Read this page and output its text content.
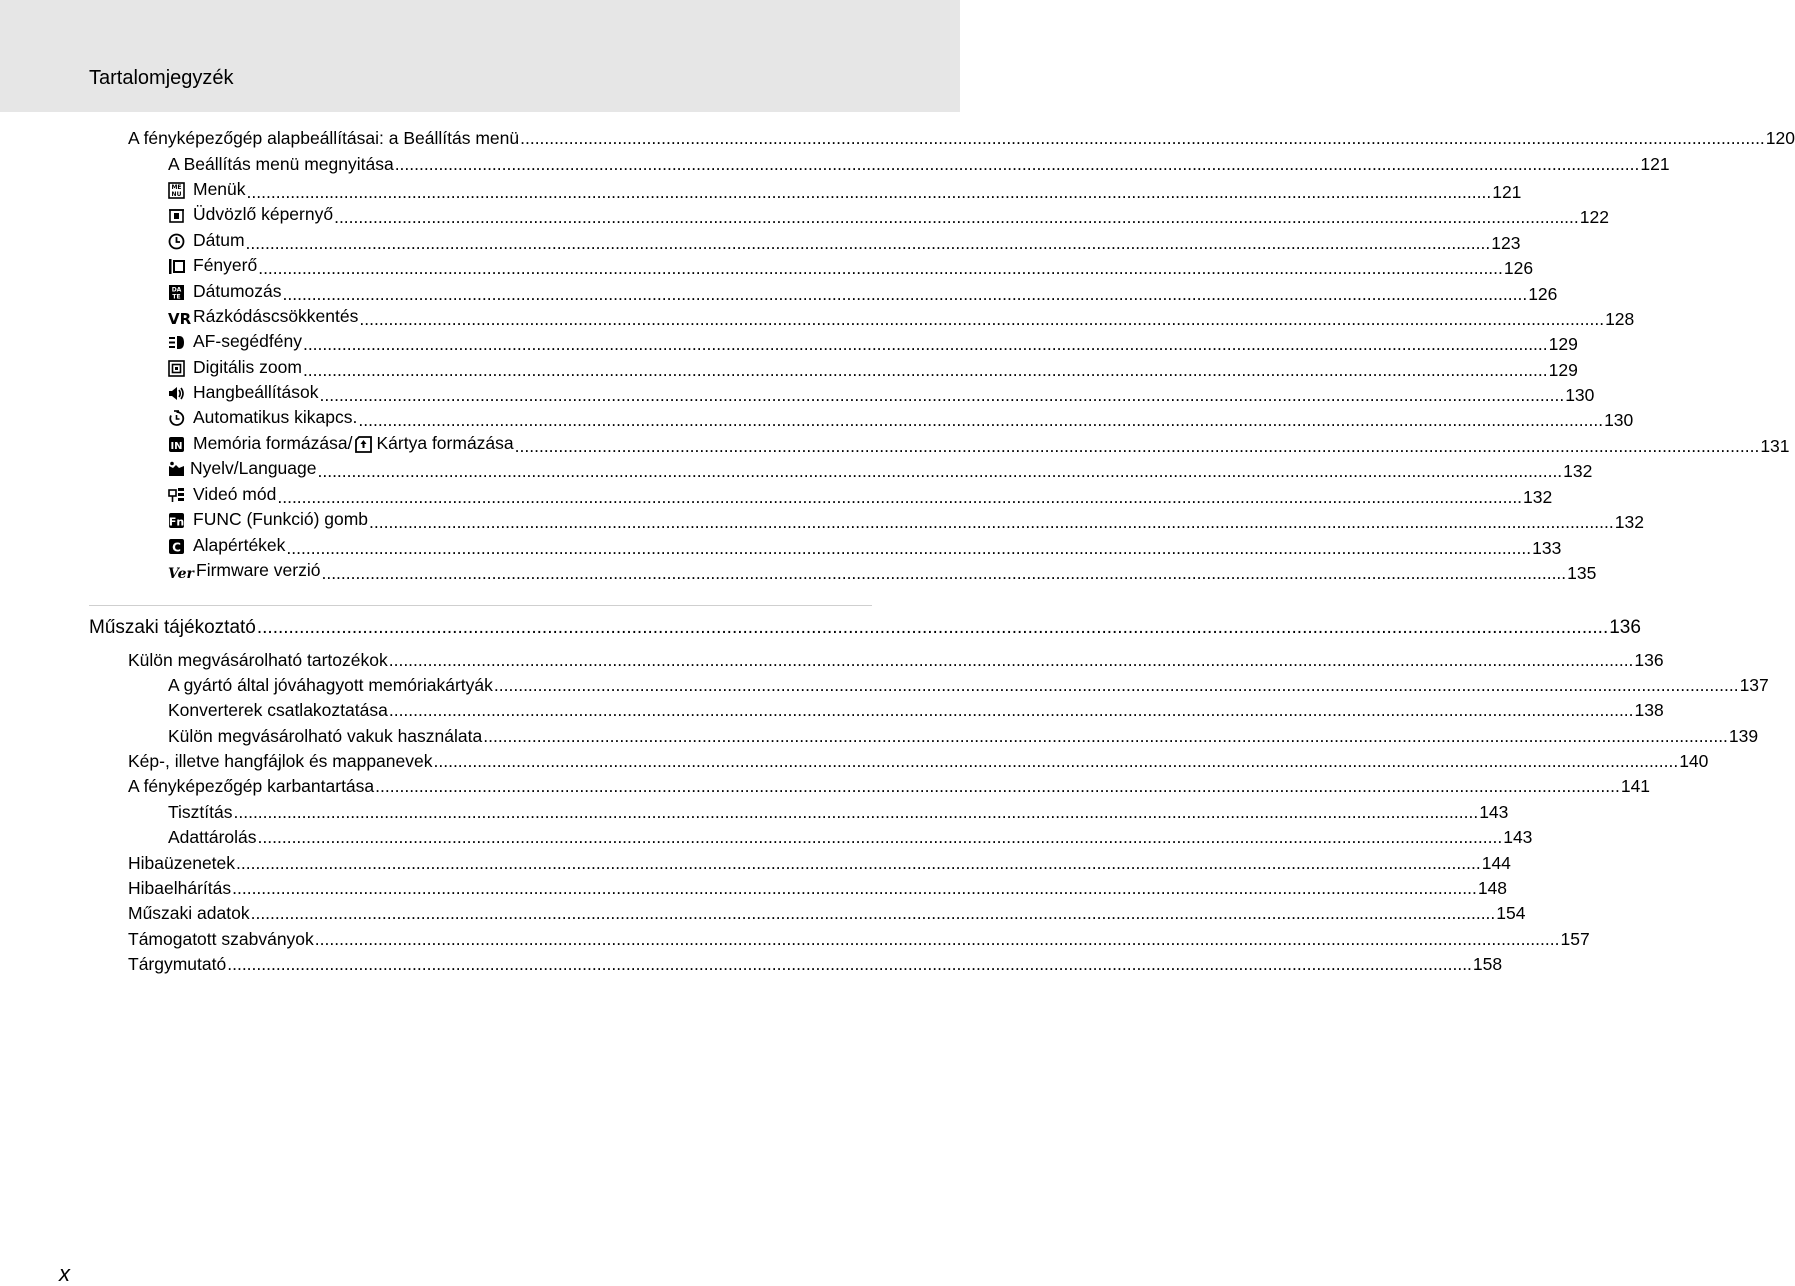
Tartalomjegyzék
A fényképezőgép alapbeállításai: a Beállítás menü .....	120
A Beállítás menü megnyitása .....	121
ME
NU Menük .....	121
Üdvözlő képernyő .....	122
Dátum .....	123
Fényerő .....	126
DA
TE Dátumozás .....	126
VR Rázkódáscsökkentés .....	128
AF-segédfény .....	129
Digitális zoom .....	129
Hangbeállítások .....	130
Automatikus kikapcs. .....	130
IN Memória formázása/ Kártya formázása .....	131
Nyelv/Language .....	132
Videó mód .....	132
Fn FUNC (Funkció) gomb .....	132
C Alapértékek .....	133
Ver Firmware verzió .....	135
Műszaki tájékoztató .....	136
Külön megvásárolható tartozékok .....	136
A gyártó által jóváhagyott memóriakártyák .....	137
Konverterek csatlakoztatása .....	138
Külön megvásárolható vakuk használata .....	139
Kép-, illetve hangfájlok és mappanevek .....	140
A fényképezőgép karbantartása .....	141
Tisztítás .....	143
Adattárolás .....	143
Hibaüzenetek .....	144
Hibaelhárítás .....	148
Műszaki adatok .....	154
Támogatott szabványok .....	157
Tárgymutató .....	158
x
